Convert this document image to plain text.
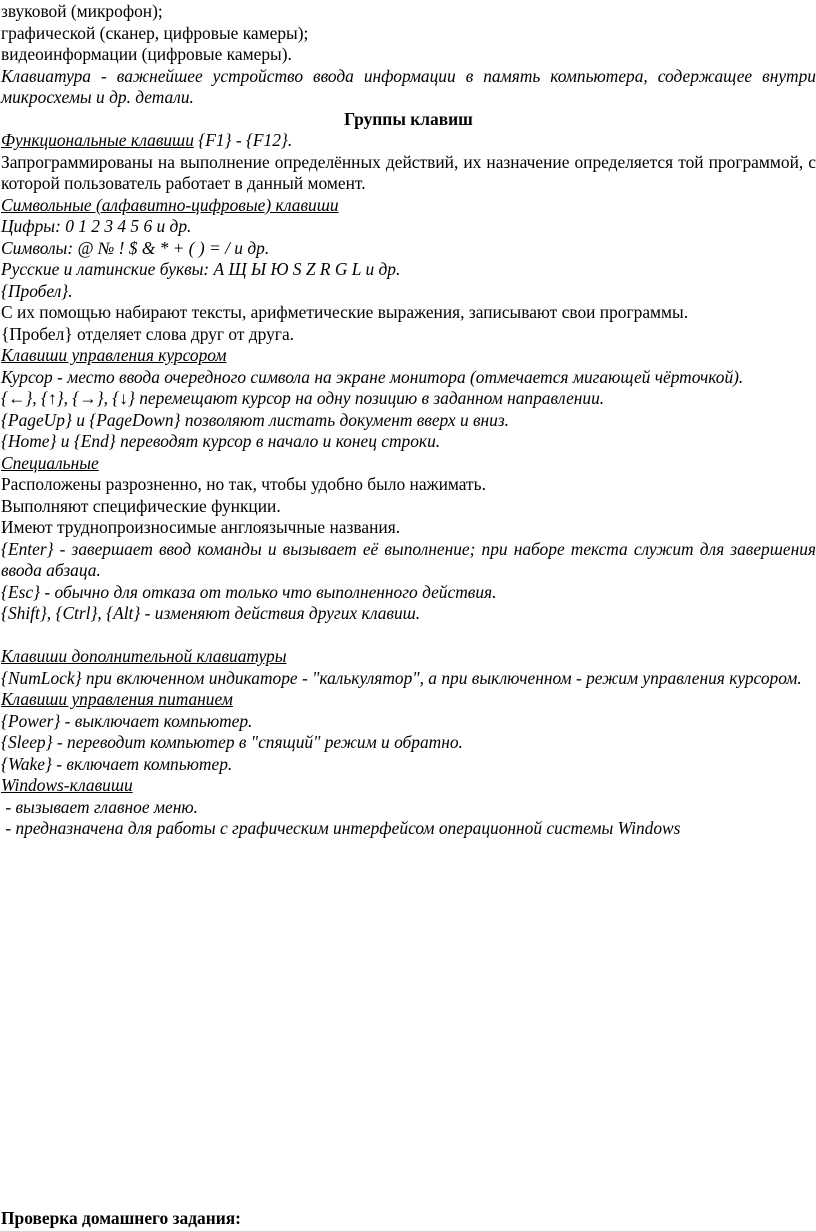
звуковой (микрофон);
графической (сканер, цифровые камеры);
видеоинформации (цифровые камеры).
Клавиатура - важнейшее устройство ввода информации в память компьютера, содержащее внутри микросхемы и др. детали.
Группы клавиш
Функциональные клавиши {F1} - {F12}.
Запрограммированы на выполнение определённых действий, их назначение определяется той программой, с которой пользователь работает в данный момент.
Символьные (алфавитно-цифровые) клавиши
Цифры: 0 1 2 3 4 5 6 и др.
Символы: @ № ! $ & * + ( ) = / и др.
Русские и латинские буквы: А Щ Ы Ю S Z R G L и др.
{Пробел}.
С их помощью набирают тексты, арифметические выражения, записывают свои программы.
{Пробел} отделяет слова друг от друга.
Клавиши управления курсором
Курсор - место ввода очередного символа на экране монитора (отмечается мигающей чёрточкой).
{←}, {↑}, {→}, {↓} перемещают курсор на одну позицию в заданном направлении.
{PageUp} и {PageDown} позволяют листать документ вверх и вниз.
{Home} и {End} переводят курсор в начало и конец строки.
Специальные
Расположены разрозненно, но так, чтобы удобно было нажимать.
Выполняют специфические функции.
Имеют труднопроизносимые англоязычные названия.
{Enter} - завершает ввод команды и вызывает её выполнение; при наборе текста служит для завершения ввода абзаца.
{Esc} - обычно для отказа от только что выполненного действия.
{Shift}, {Ctrl}, {Alt} - изменяют действия других клавиш.
Клавиши дополнительной клавиатуры
{NumLock} при включенном индикаторе - "калькулятор", а при выключенном - режим управления курсором.
Клавиши управления питанием
{Power} - выключает компьютер.
{Sleep} - переводит компьютер в "спящий" режим и обратно.
{Wake} - включает компьютер.
Windows-клавиши
- вызывает главное меню.
- предназначена для работы с графическим интерфейсом операционной системы Windows
Проверка домашнего задания:
